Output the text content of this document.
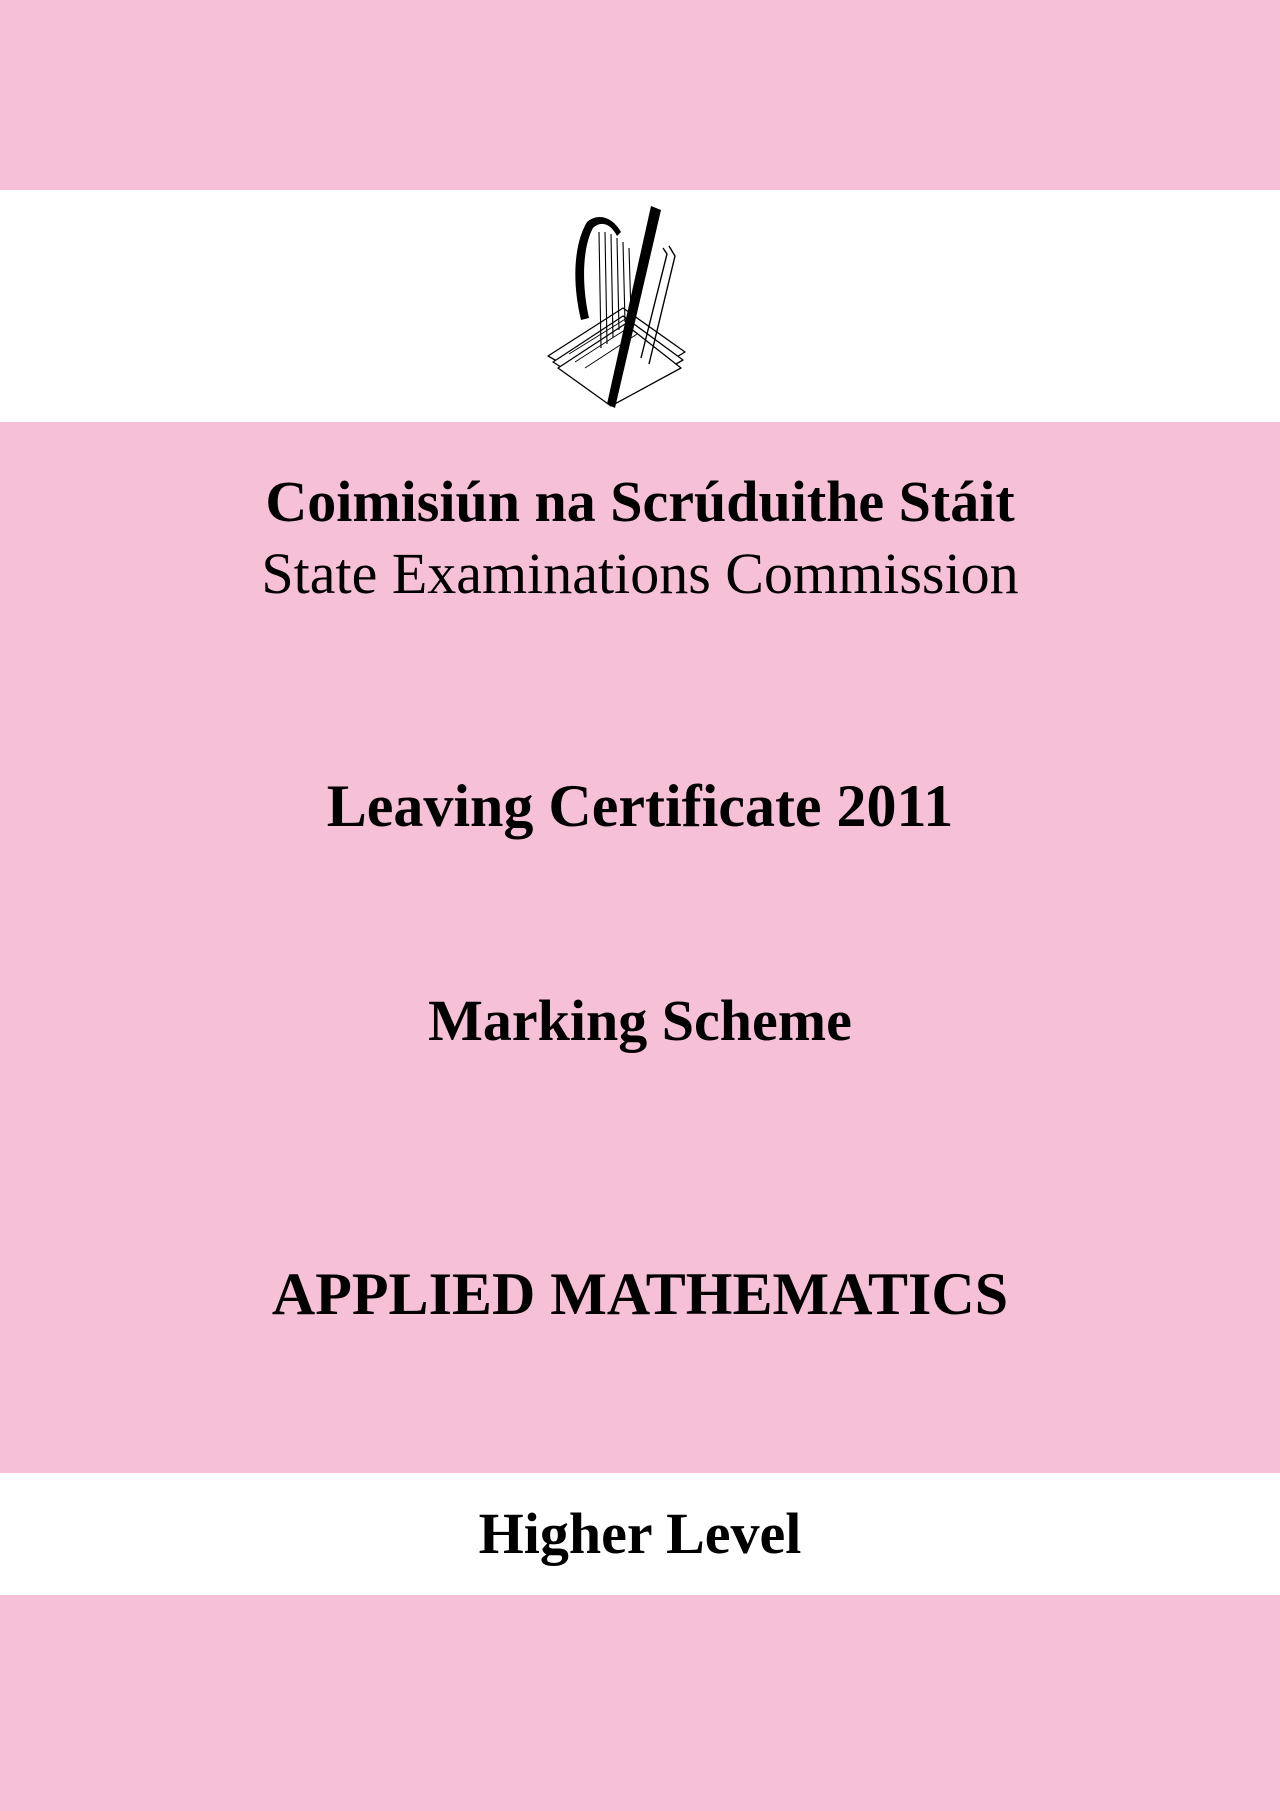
Coimisiún na Scrúduithe Stáit
State Examinations Commission
Leaving Certificate 2011
Marking Scheme
APPLIED MATHEMATICS
Higher Level
